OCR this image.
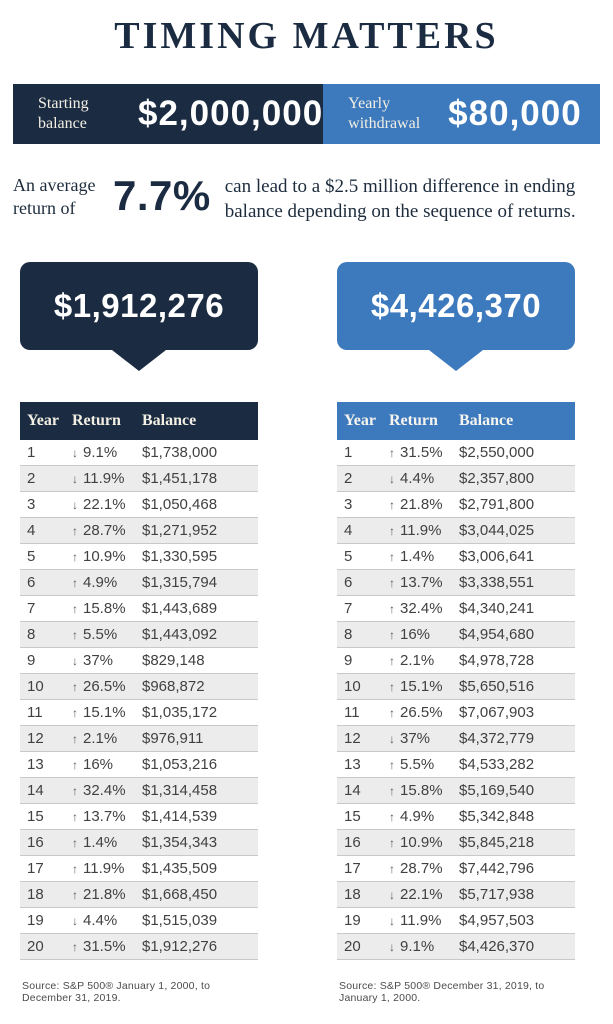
TIMING MATTERS
Starting balance	$2,000,000 Yearly withdrawal $80,000
An average return of 7.7% can lead to a $2.5 million difference in ending balance depending on the sequence of returns.
$1,912,276
Year Return	Balance
1	↓ 9.1%	$1,738,000
2	↓ 11.9%	$1,451,178
3	↓ 22.1%	$1,050,468
4	↑ 28.7%	$1,271,952
5	↑ 10.9%	$1,330,595
6	↑ 4.9%	$1,315,794
7	↑ 15.8%	$1,443,689
8	↑ 5.5%	$1,443,092
9	↓ 37%	$829,148
10	↑ 26.5%	$968,872
11	↑ 15.1%	$1,035,172
12	↑ 2.1%	$976,911
13	↑ 16%	$1,053,216
14	↑ 32.4%	$1,314,458
15	↑ 13.7%	$1,414,539
16	↑ 1.4%	$1,354,343
17	↑ 11.9%	$1,435,509
18	↑ 21.8%	$1,668,450
19	↓ 4.4%	$1,515,039
20	↑ 31.5%	$1,912,276
Source: S&P 500® January 1, 2000, to December 31, 2019.
$4,426,370
Year Return	Balance
1	↑ 31.5%	$2,550,000
2	↓ 4.4%	$2,357,800
3	↑ 21.8%	$2,791,800
4	↑ 11.9%	$3,044,025
5	↑ 1.4%	$3,006,641
6	↑ 13.7%	$3,338,551
7	↑ 32.4%	$4,340,241
8	↑ 16%	$4,954,680
9	↑ 2.1%	$4,978,728
10	↑ 15.1%	$5,650,516
11	↑ 26.5%	$7,067,903
12	↓ 37%	$4,372,779
13	↑ 5.5%	$4,533,282
14	↑ 15.8%	$5,169,540
15	↑ 4.9%	$5,342,848
16	↑ 10.9%	$5,845,218
17	↑ 28.7%	$7,442,796
18	↓ 22.1%	$5,717,938
19	↓ 11.9%	$4,957,503
20	↓ 9.1%	$4,426,370
Source: S&P 500® December 31, 2019, to January 1, 2000.
